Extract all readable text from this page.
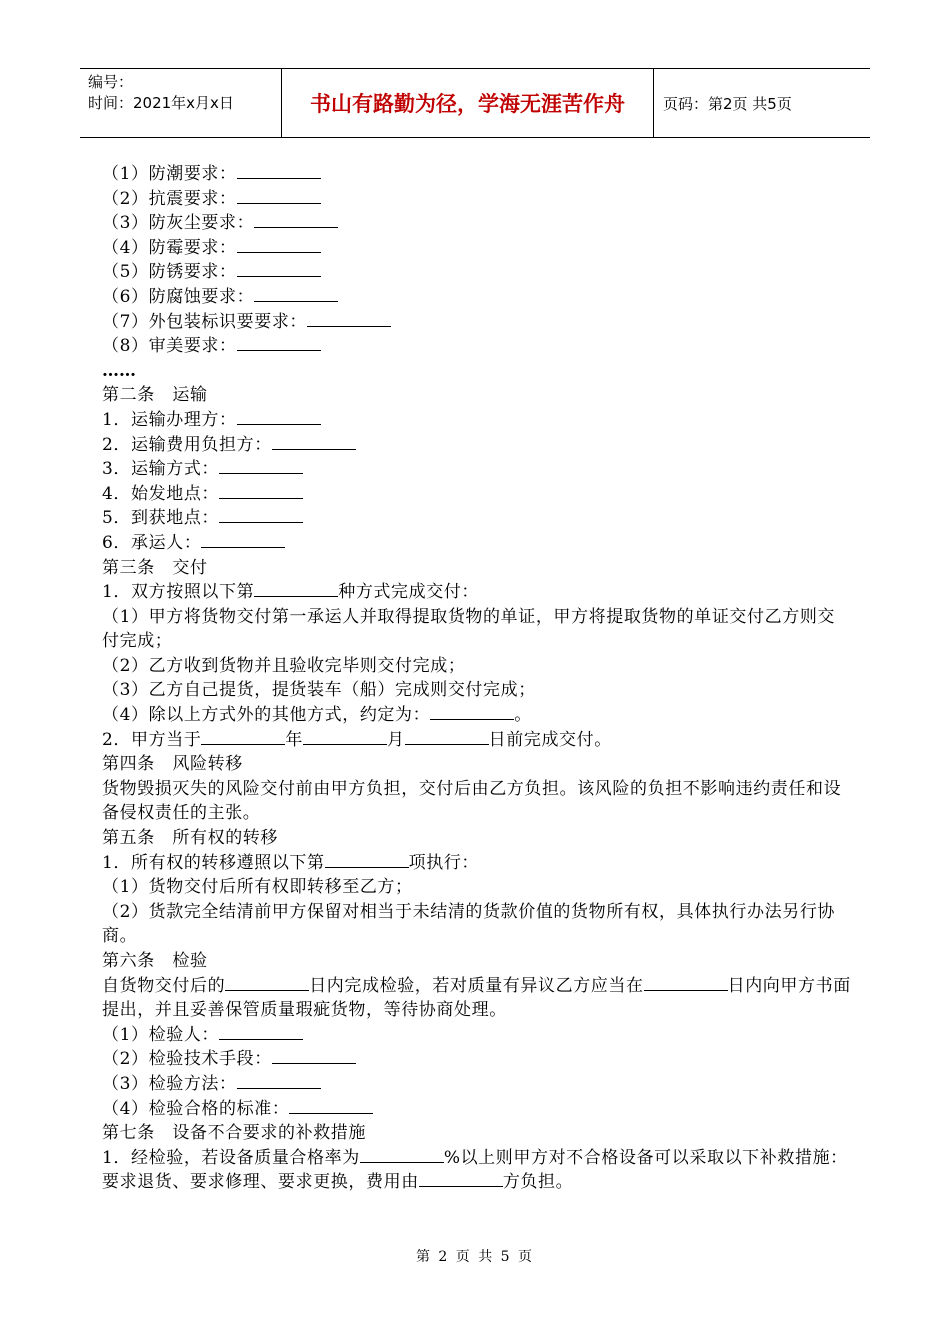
编号：
时间：2021年x月x日	书山有路勤为径，学海无涯苦作舟	页码：第2页 共5页

（1）防潮要求：

（2）抗震要求：

（3）防灰尘要求：

（4）防霉要求：

（5）防锈要求：

（6）防腐蚀要求：

（7）外包装标识要要求：

（8）审美要求：

……

第二条　运输

1．运输办理方：

2．运输费用负担方：

3．运输方式：

4．始发地点：

5．到获地点：

6．承运人：

第三条　交付

1．双方按照以下第	种方式完成交付：

（1）甲方将货物交付第一承运人并取得提取货物的单证，甲方将提取货物的单证交付乙方则交付完成；

（2）乙方收到货物并且验收完毕则交付完成；

（3）乙方自己提货，提货装车（船）完成则交付完成；

（4）除以上方式外的其他方式，约定为：	。

2．甲方当于	年	月	日前完成交付。

第四条　风险转移

货物毁损灭失的风险交付前由甲方负担，交付后由乙方负担。该风险的负担不影响违约责任和设备侵权责任的主张。

第五条　所有权的转移

1．所有权的转移遵照以下第	项执行：

（1）货物交付后所有权即转移至乙方；

（2）货款完全结清前甲方保留对相当于未结清的货款价值的货物所有权，具体执行办法另行协商。

第六条　检验

自货物交付后的	日内完成检验，若对质量有异议乙方应当在	日内向甲方书面提出，并且妥善保管质量瑕疵货物，等待协商处理。

（1）检验人：

（2）检验技术手段：

（3）检验方法：

（4）检验合格的标准：

第七条　设备不合要求的补救措施

1．经检验，若设备质量合格率为	%以上则甲方对不合格设备可以采取以下补救措施：要求退货、要求修理、要求更换，费用由	方负担。

第 2 页 共 5 页
